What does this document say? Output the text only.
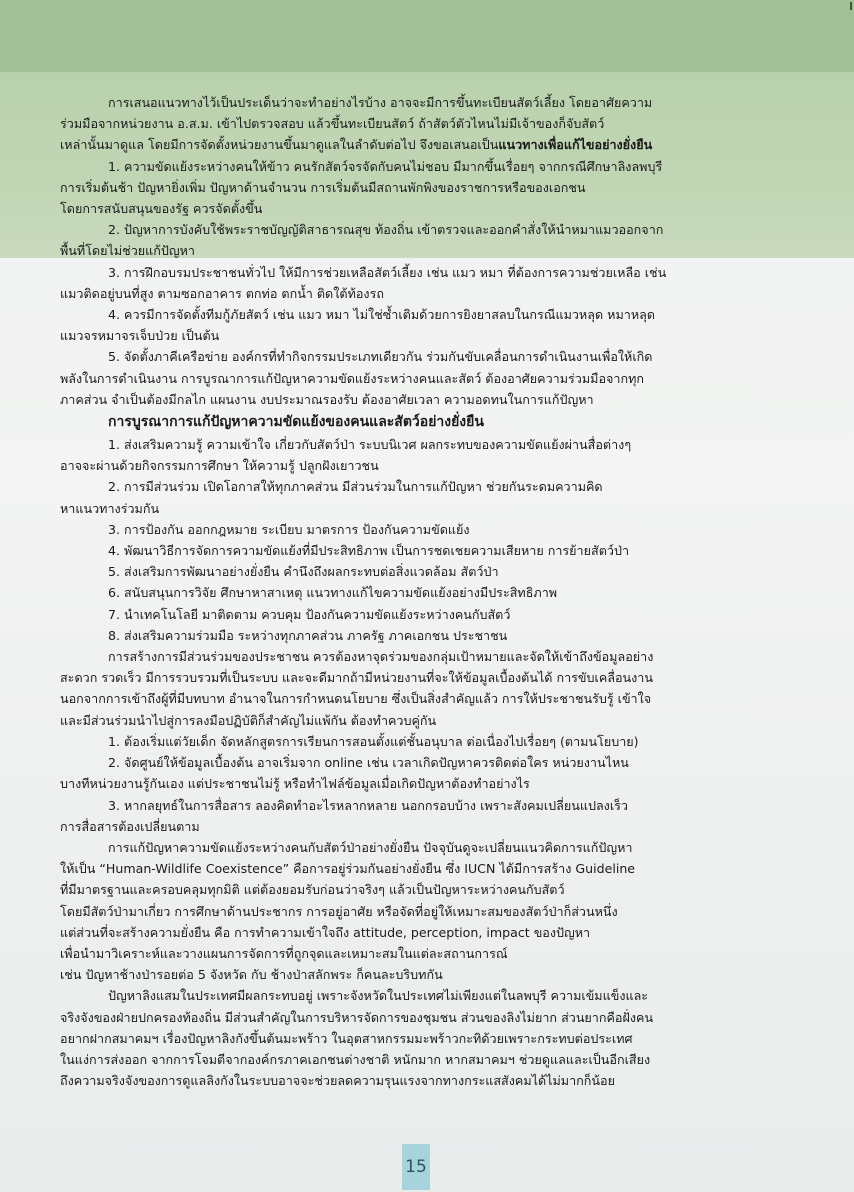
การเสนอแนวทางไว้เป็นประเด็นว่าจะทำอย่างไรบ้าง อาจจะมีการขึ้นทะเบียนสัตว์เลี้ยง โดยอาศัยความ

ร่วมมือจากหน่วยงาน อ.ส.ม. เข้าไปตรวจสอบ แล้วขึ้นทะเบียนสัตว์ ถ้าสัตว์ตัวไหนไม่มีเจ้าของก็จับสัตว์

เหล่านั้นมาดูแล โดยมีการจัดตั้งหน่วยงานขึ้นมาดูแลในลำดับต่อไป จึงขอเสนอเป็นแนวทางเพื่อแก้ไขอย่างยั่งยืน

1. ความขัดแย้งระหว่างคนให้ข้าว คนรักสัตว์จรจัดกับคนไม่ชอบ มีมากขึ้นเรื่อยๆ จากกรณีศึกษาลิงลพบุรี

การเริ่มต้นช้า ปัญหายิ่งเพิ่ม ปัญหาด้านจำนวน การเริ่มต้นมีสถานพักพิงของราชการหรือของเอกชน

โดยการสนับสนุนของรัฐ ควรจัดตั้งขึ้น

2. ปัญหาการบังคับใช้พระราชบัญญัติสาธารณสุข ท้องถิ่น เข้าตรวจและออกคำสั่งให้นำหมาแมวออกจาก

พื้นที่โดยไม่ช่วยแก้ปัญหา

3. การฝึกอบรมประชาชนทั่วไป ให้มีการช่วยเหลือสัตว์เลี้ยง เช่น แมว หมา ที่ต้องการความช่วยเหลือ เช่น

แมวติดอยู่บนที่สูง ตามซอกอาคาร ตกท่อ ตกน้ำ ติดใต้ท้องรถ

4. ควรมีการจัดตั้งทีมกู้ภัยสัตว์ เช่น แมว หมา ไม่ใช่ซ้ำเติมด้วยการยิงยาสลบในกรณีแมวหลุด หมาหลุด

แมวจรหมาจรเจ็บป่วย เป็นต้น

5. จัดตั้งภาคีเครือข่าย องค์กรที่ทำกิจกรรมประเภทเดียวกัน ร่วมกันขับเคลื่อนการดำเนินงานเพื่อให้เกิด

พลังในการดำเนินงาน การบูรณาการแก้ปัญหาความขัดแย้งระหว่างคนและสัตว์ ต้องอาศัยความร่วมมือจากทุก

ภาคส่วน จำเป็นต้องมีกลไก แผนงาน งบประมาณรองรับ ต้องอาศัยเวลา ความอดทนในการแก้ปัญหา

การบูรณาการแก้ปัญหาความขัดแย้งของคนและสัตว์อย่างยั่งยืน

1. ส่งเสริมความรู้ ความเข้าใจ เกี่ยวกับสัตว์ป่า ระบบนิเวศ ผลกระทบของความขัดแย้งผ่านสื่อต่างๆ

อาจจะผ่านด้วยกิจกรรมการศึกษา ให้ความรู้ ปลูกฝังเยาวชน

2. การมีส่วนร่วม เปิดโอกาสให้ทุกภาคส่วน มีส่วนร่วมในการแก้ปัญหา ช่วยกันระดมความคิด

หาแนวทางร่วมกัน

3. การป้องกัน ออกกฎหมาย ระเบียบ มาตรการ ป้องกันความขัดแย้ง

4. พัฒนาวิธีการจัดการความขัดแย้งที่มีประสิทธิภาพ เป็นการชดเชยความเสียหาย การย้ายสัตว์ป่า

5. ส่งเสริมการพัฒนาอย่างยั่งยืน คำนึงถึงผลกระทบต่อสิ่งแวดล้อม สัตว์ป่า

6. สนับสนุนการวิจัย ศึกษาหาสาเหตุ แนวทางแก้ไขความขัดแย้งอย่างมีประสิทธิภาพ

7. นำเทคโนโลยี มาติดตาม ควบคุม ป้องกันความขัดแย้งระหว่างคนกับสัตว์

8. ส่งเสริมความร่วมมือ ระหว่างทุกภาคส่วน ภาครัฐ ภาคเอกชน ประชาชน

การสร้างการมีส่วนร่วมของประชาชน ควรต้องหาจุดร่วมของกลุ่มเป้าหมายและจัดให้เข้าถึงข้อมูลอย่าง

สะดวก รวดเร็ว มีการรวบรวมที่เป็นระบบ และจะดีมากถ้ามีหน่วยงานที่จะให้ข้อมูลเบื้องต้นได้ การขับเคลื่อนงาน

นอกจากการเข้าถึงผู้ที่มีบทบาท อำนาจในการกำหนดนโยบาย ซึ่งเป็นสิ่งสำคัญแล้ว การให้ประชาชนรับรู้ เข้าใจ

และมีส่วนร่วมนำไปสู่การลงมือปฏิบัติก็สำคัญไม่แพ้กัน ต้องทำควบคู่กัน

1. ต้องเริ่มแต่วัยเด็ก จัดหลักสูตรการเรียนการสอนตั้งแต่ชั้นอนุบาล ต่อเนื่องไปเรื่อยๆ (ตามนโยบาย)

2. จัดศูนย์ให้ข้อมูลเบื้องต้น อาจเริ่มจาก online เช่น เวลาเกิดปัญหาควรติดต่อใคร หน่วยงานไหน

บางทีหน่วยงานรู้กันเอง แต่ประชาชนไม่รู้ หรือทำไฟล์ข้อมูลเมื่อเกิดปัญหาต้องทำอย่างไร

3. หากลยุทธ์ในการสื่อสาร ลองคิดทำอะไรหลากหลาย นอกกรอบบ้าง เพราะสังคมเปลี่ยนแปลงเร็ว

การสื่อสารต้องเปลี่ยนตาม

การแก้ปัญหาความขัดแย้งระหว่างคนกับสัตว์ป่าอย่างยั่งยืน ปัจจุบันดูจะเปลี่ยนแนวคิดการแก้ปัญหา

ให้เป็น “Human-Wildlife Coexistence” คือการอยู่ร่วมกันอย่างยั่งยืน ซึ่ง IUCN ได้มีการสร้าง Guideline

ที่มีมาตรฐานและครอบคลุมทุกมิติ แต่ต้องยอมรับก่อนว่าจริงๆ แล้วเป็นปัญหาระหว่างคนกับสัตว์

โดยมีสัตว์ป่ามาเกี่ยว การศึกษาด้านประชากร การอยู่อาศัย หรือจัดที่อยู่ให้เหมาะสมของสัตว์ป่าก็ส่วนหนึ่ง

แต่ส่วนที่จะสร้างความยั่งยืน คือ การทำความเข้าใจถึง attitude, perception, impact ของปัญหา

เพื่อนำมาวิเคราะห์และวางแผนการจัดการที่ถูกจุดและเหมาะสมในแต่ละสถานการณ์

เช่น ปัญหาช้างป่ารอยต่อ 5 จังหวัด กับ ช้างป่าสลักพระ ก็คนละบริบทกัน

ปัญหาลิงแสมในประเทศมีผลกระทบอยู่ เพราะจังหวัดในประเทศไม่เพียงแต่ในลพบุรี ความเข้มแข็งและ

จริงจังของฝ่ายปกครองท้องถิ่น มีส่วนสำคัญในการบริหารจัดการของชุมชน ส่วนของลิงไม่ยาก ส่วนยากคือฝั่งคน

อยากฝากสมาคมฯ เรื่องปัญหาลิงกังขึ้นต้นมะพร้าว ในอุตสาหกรรมมะพร้าวกะทิด้วยเพราะกระทบต่อประเทศ

ในแง่การส่งออก จากการโจมตีจากองค์กรภาคเอกชนต่างชาติ หนักมาก หากสมาคมฯ ช่วยดูแลและเป็นอีกเสียง

ถึงความจริงจังของการดูแลลิงกังในระบบอาจจะช่วยลดความรุนแรงจากทางกระแสสังคมได้ไม่มากก็น้อย

15
